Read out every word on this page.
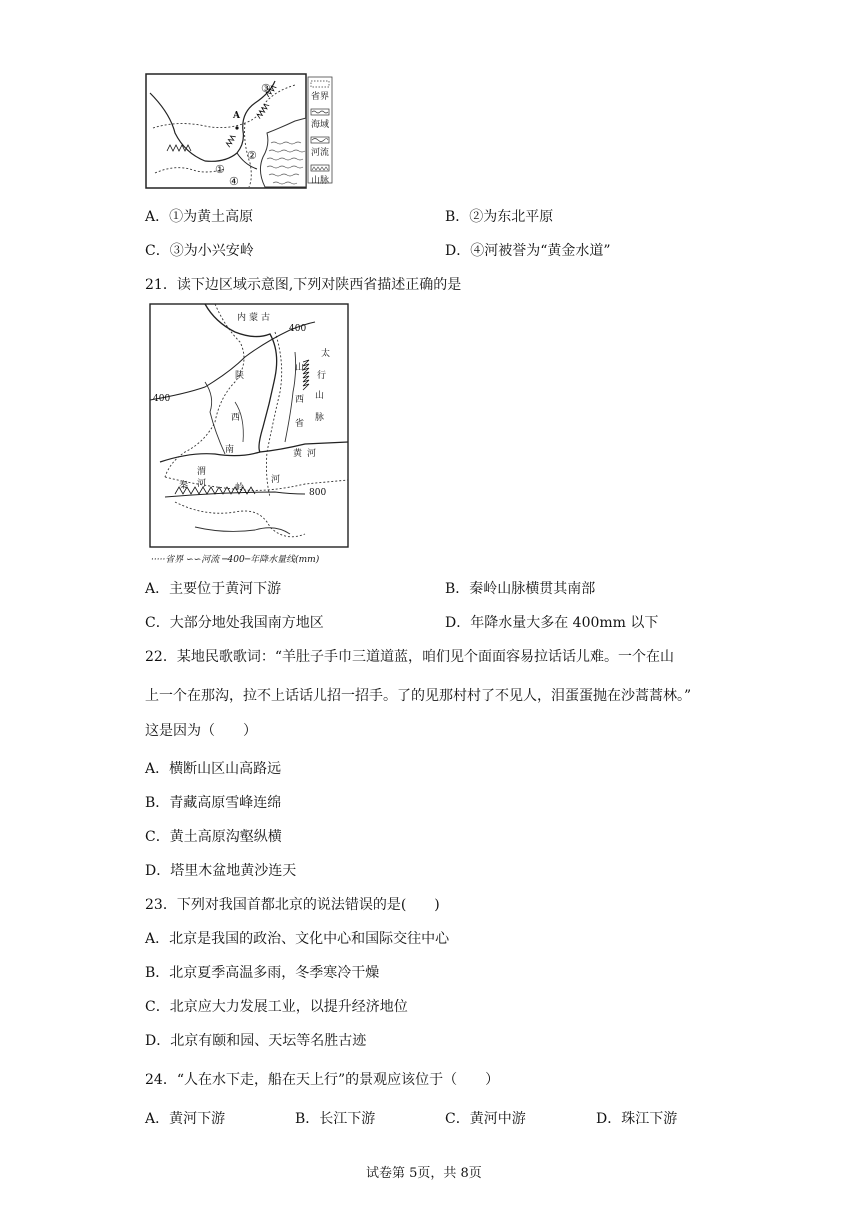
③
A
②
①
④
省界
海域
河流
山脉
A．①为黄土高原	B．②为东北平原
C．③为小兴安岭	D．④河被誉为“黄金水道”
21．读下边区域示意图,下列对陕西省描述正确的是
内 蒙 古
400
山
西
省
陕
西
太
行
山
脉
400
渭
河
黄 河
秦	岭	800
河
南
·····省界 ∽∽河流 ─400─年降水量线(mm)
A．主要位于黄河下游	B．秦岭山脉横贯其南部
C．大部分地处我国南方地区	D．年降水量大多在 400mm 以下
22．某地民歌歌词：“羊肚子手巾三道道蓝，咱们见个面面容易拉话话儿难。一个在山
上一个在那沟，拉不上话话儿招一招手。了的见那村村了不见人，泪蛋蛋抛在沙蒿蒿林。”
这是因为（　　）
A．横断山区山高路远
B．青藏高原雪峰连绵
C．黄土高原沟壑纵横
D．塔里木盆地黄沙连天
23．下列对我国首都北京的说法错误的是(　　)
A．北京是我国的政治、文化中心和国际交往中心
B．北京夏季高温多雨，冬季寒冷干燥
C．北京应大力发展工业，以提升经济地位
D．北京有颐和园、天坛等名胜古迹
24．“人在水下走，船在天上行”的景观应该位于（　　）
A．黄河下游	B．长江下游	C．黄河中游	D．珠江下游
试卷第 5页，共 8页
